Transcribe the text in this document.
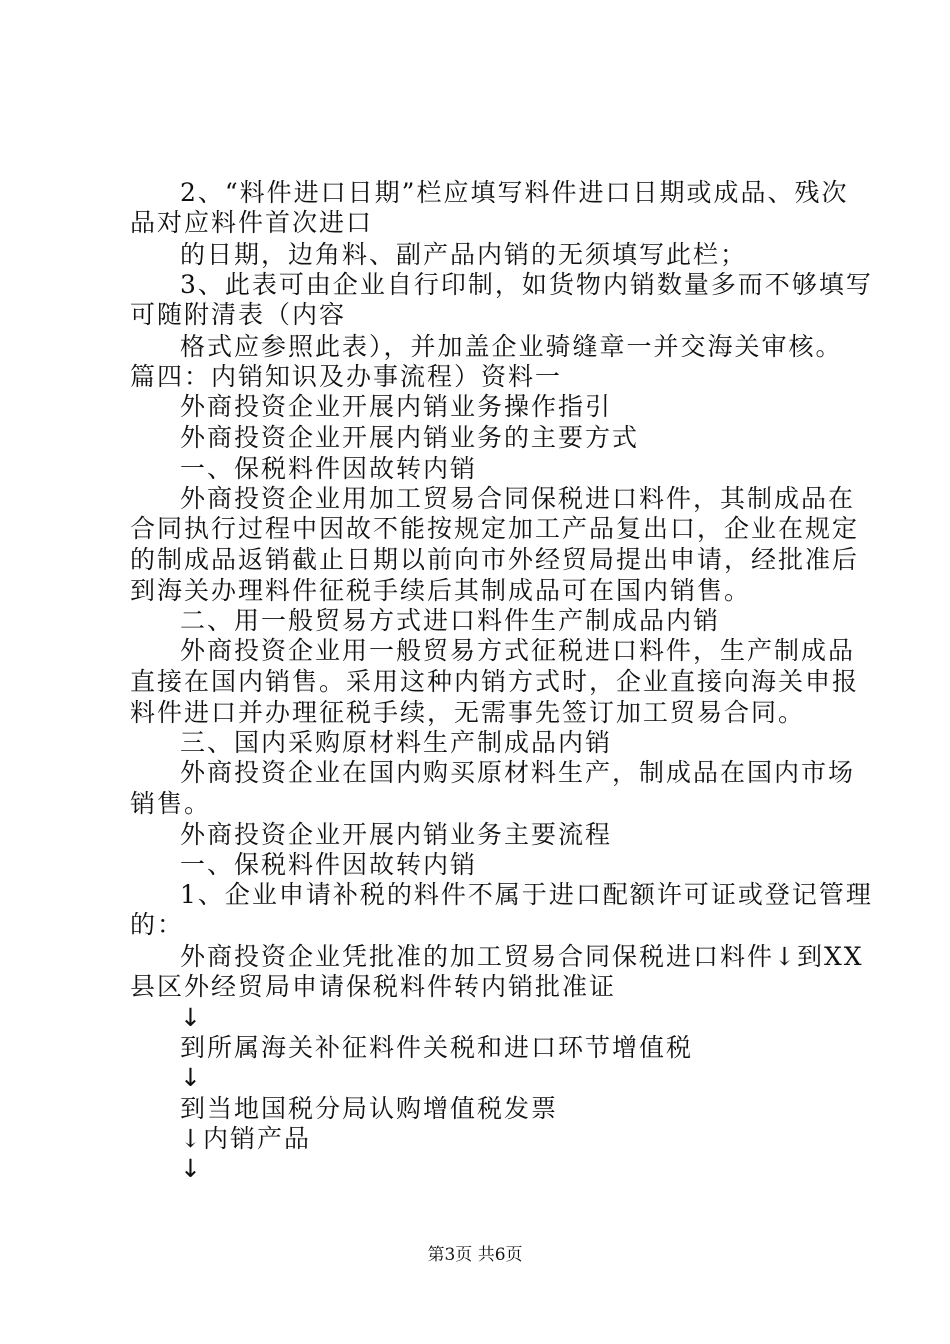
2、“料件进口日期”栏应填写料件进口日期或成品、残次
品对应料件首次进口
的日期，边角料、副产品内销的无须填写此栏；
3、此表可由企业自行印制，如货物内销数量多而不够填写
可随附清表（内容
格式应参照此表），并加盖企业骑缝章一并交海关审核。
篇四：内销知识及办事流程）资料一
外商投资企业开展内销业务操作指引
外商投资企业开展内销业务的主要方式
一、保税料件因故转内销
外商投资企业用加工贸易合同保税进口料件，其制成品在
合同执行过程中因故不能按规定加工产品复出口，企业在规定
的制成品返销截止日期以前向市外经贸局提出申请，经批准后
到海关办理料件征税手续后其制成品可在国内销售。
二、用一般贸易方式进口料件生产制成品内销
外商投资企业用一般贸易方式征税进口料件，生产制成品
直接在国内销售。采用这种内销方式时，企业直接向海关申报
料件进口并办理征税手续，无需事先签订加工贸易合同。
三、国内采购原材料生产制成品内销
外商投资企业在国内购买原材料生产，制成品在国内市场
销售。
外商投资企业开展内销业务主要流程
一、保税料件因故转内销
1、企业申请补税的料件不属于进口配额许可证或登记管理
的：
外商投资企业凭批准的加工贸易合同保税进口料件↓到XX
县区外经贸局申请保税料件转内销批准证
↓
到所属海关补征料件关税和进口环节增值税
↓
到当地国税分局认购增值税发票
↓内销产品
↓
第3页 共6页
